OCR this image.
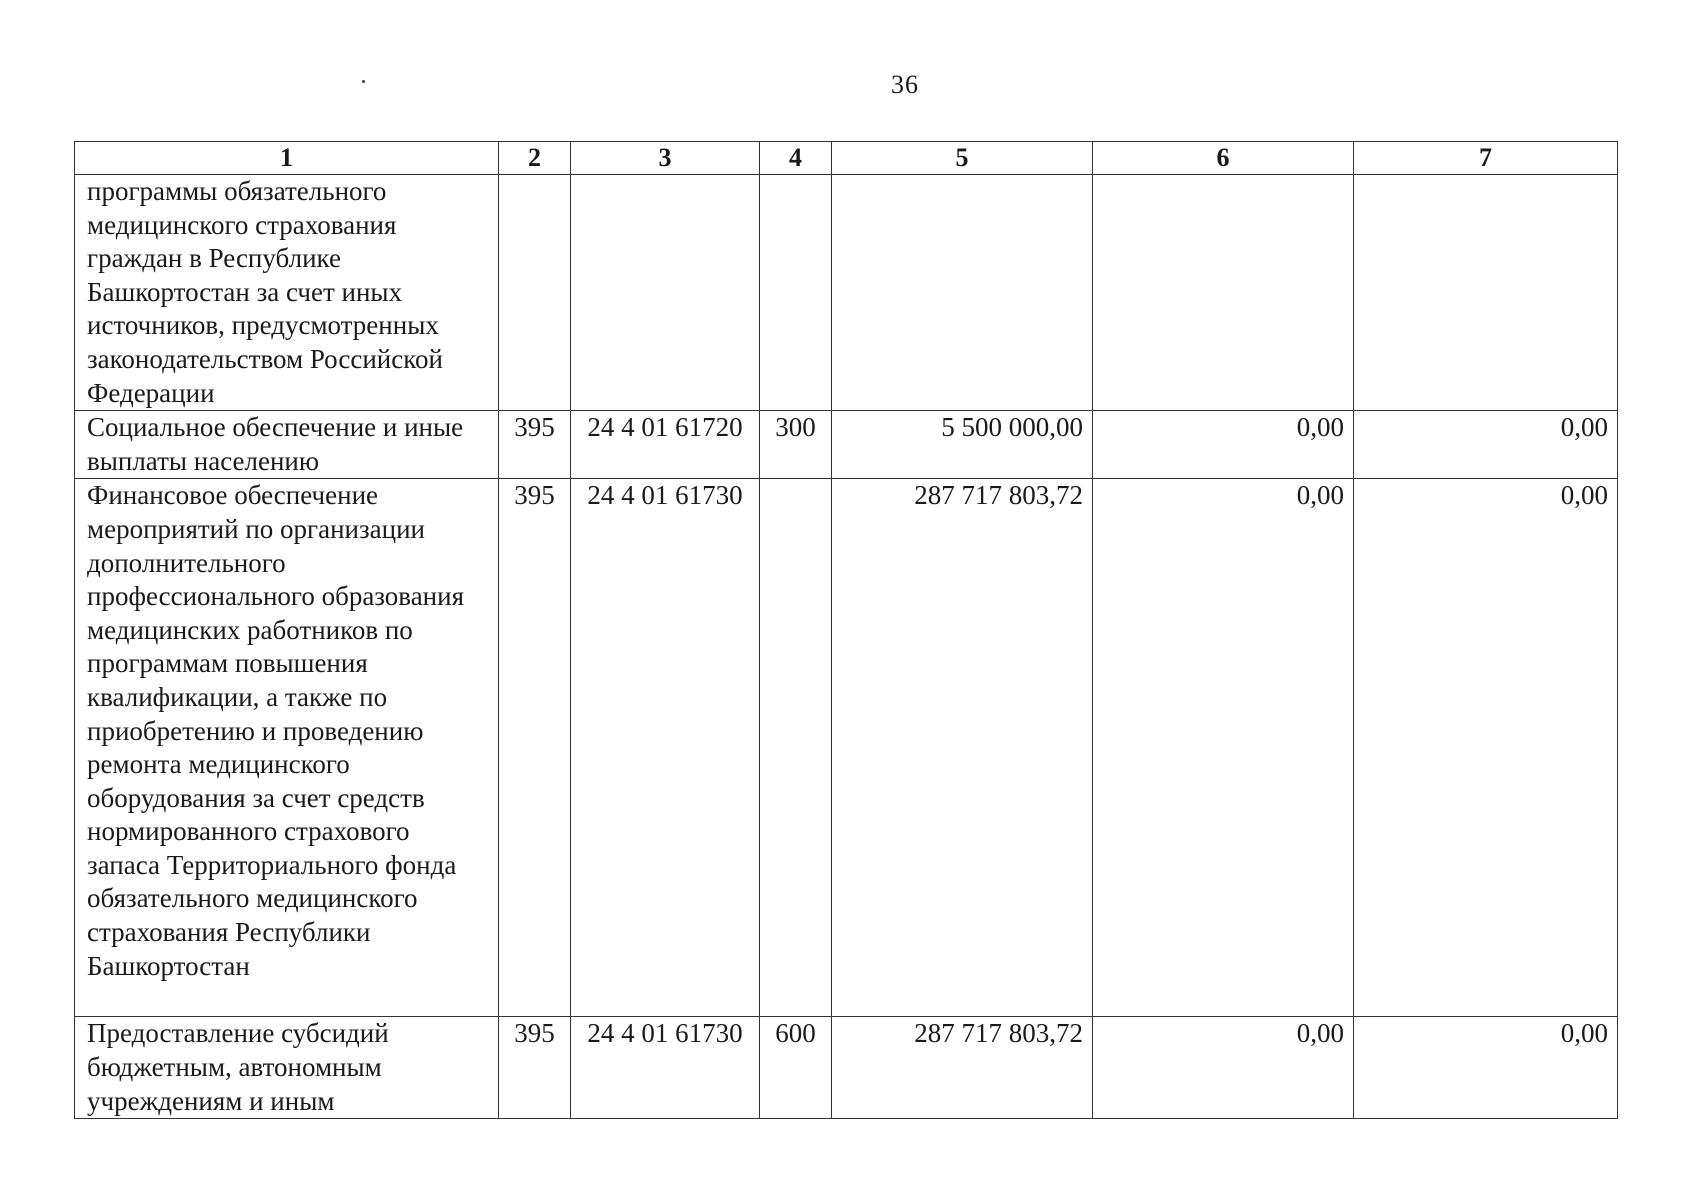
36
1	2	3	4	5	6	7
программы обязательного медицинского страхования граждан в Республике Башкортостан за счет иных источников, предусмотренных законодательством Российской Федерации						
Социальное обеспечение и иные выплаты населению	395	24 4 01 61720	300	5 500 000,00	0,00	0,00
Финансовое обеспечение мероприятий по организации дополнительного профессионального образования медицинских работников по программам повышения квалификации, а также по приобретению и проведению ремонта медицинского оборудования за счет средств нормированного страхового запаса Территориального фонда обязательного медицинского страхования Республики Башкортостан	395	24 4 01 61730		287 717 803,72	0,00	0,00
Предоставление субсидий бюджетным, автономным учреждениям и иным	395	24 4 01 61730	600	287 717 803,72	0,00	0,00
